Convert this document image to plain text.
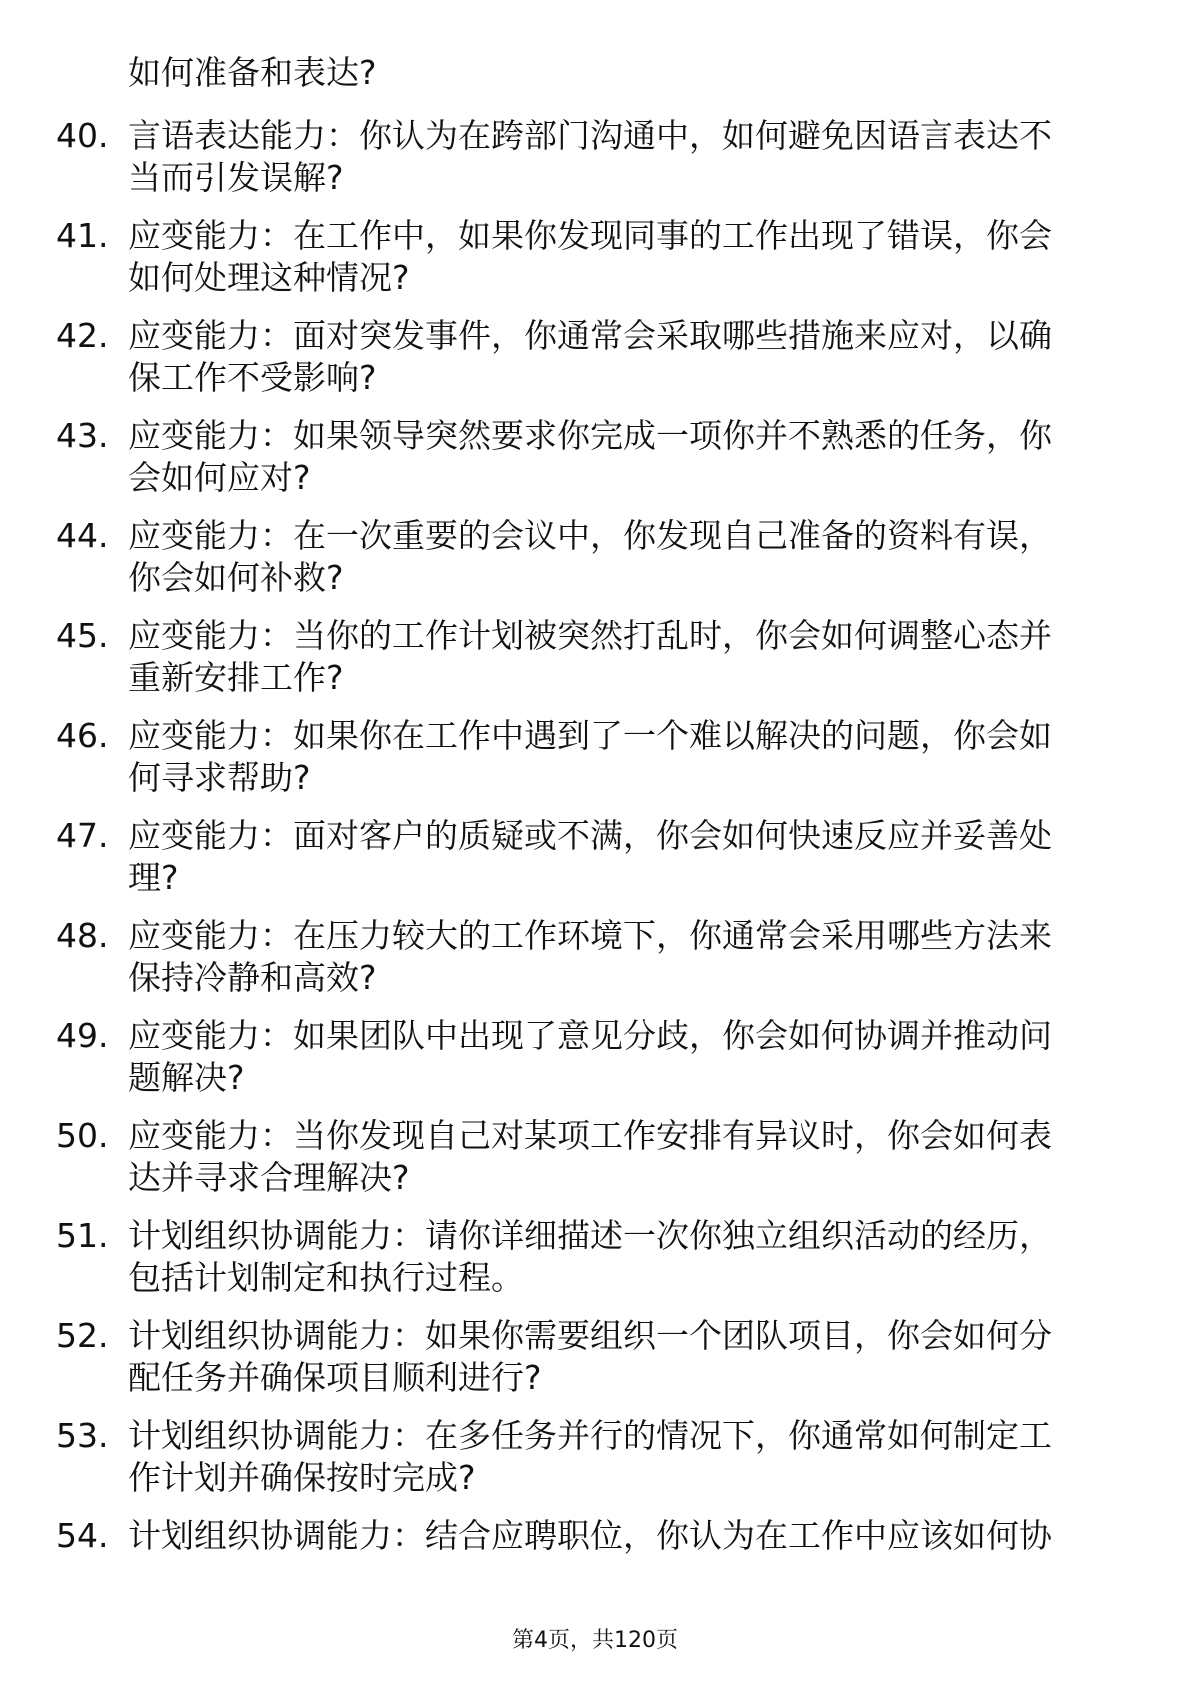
如何准备和表达?
40. 言语表达能力：你认为在跨部门沟通中，如何避免因语言表达不
当而引发误解?
41. 应变能力：在工作中，如果你发现同事的工作出现了错误，你会
如何处理这种情况?
42. 应变能力：面对突发事件，你通常会采取哪些措施来应对，以确
保工作不受影响?
43. 应变能力：如果领导突然要求你完成一项你并不熟悉的任务，你
会如何应对?
44. 应变能力：在一次重要的会议中，你发现自己准备的资料有误，
你会如何补救?
45. 应变能力：当你的工作计划被突然打乱时，你会如何调整心态并
重新安排工作?
46. 应变能力：如果你在工作中遇到了一个难以解决的问题，你会如
何寻求帮助?
47. 应变能力：面对客户的质疑或不满，你会如何快速反应并妥善处
理?
48. 应变能力：在压力较大的工作环境下，你通常会采用哪些方法来
保持冷静和高效?
49. 应变能力：如果团队中出现了意见分歧，你会如何协调并推动问
题解决?
50. 应变能力：当你发现自己对某项工作安排有异议时，你会如何表
达并寻求合理解决?
51. 计划组织协调能力：请你详细描述一次你独立组织活动的经历，
包括计划制定和执行过程。
52. 计划组织协调能力：如果你需要组织一个团队项目，你会如何分
配任务并确保项目顺利进行?
53. 计划组织协调能力：在多任务并行的情况下，你通常如何制定工
作计划并确保按时完成?
54. 计划组织协调能力：结合应聘职位，你认为在工作中应该如何协
第4页，共120页
